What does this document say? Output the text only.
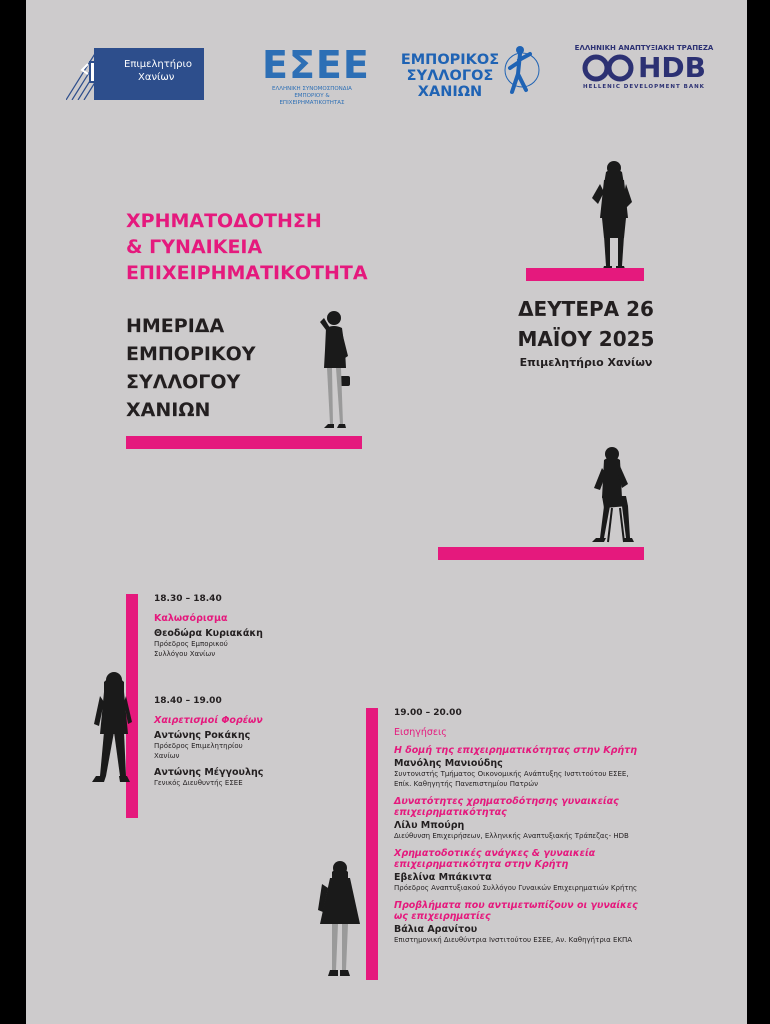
Επιμελητήριο
Χανίων	ΕΣΕΕ
ΕΛΛΗΝΙΚΗ ΣΥΝΟΜΟΣΠΟΝΔΙΑ
ΕΜΠΟΡΙΟΥ & ΕΠΙΧΕΙΡΗΜΑΤΙΚΟΤΗΤΑΣ
ΕΜΠΟΡΙΚΟΣ
ΣΥΛΛΟΓΟΣ
ΧΑΝΙΩΝ
ΕΛΛΗΝΙΚΗ ΑΝΑΠΤΥΞΙΑΚΗ ΤΡΑΠΕΖΑ
HDB
HELLENIC DEVELOPMENT BANK
ΧΡΗΜΑΤΟΔΟΤΗΣΗ
& ΓΥΝΑΙΚΕΙΑ
ΕΠΙΧΕΙΡΗΜΑΤΙΚΟΤΗΤΑ
ΗΜΕΡΙΔΑ
ΕΜΠΟΡΙΚΟΥ
ΣΥΛΛΟΓΟΥ
ΧΑΝΙΩΝ
ΔΕΥΤΕΡΑ 26
ΜΑΪΟΥ 2025
Επιμελητήριο Χανίων
18.30 – 18.40
Καλωσόρισμα
Θεοδώρα Κυριακάκη
Πρόεδρος Εμπορικού
Συλλόγου Χανίων
18.40 – 19.00
Χαιρετισμοί Φορέων
Αντώνης Ροκάκης
Πρόεδρος Επιμελητηρίου
Χανίων
Αντώνης Μέγγουλης
Γενικός Διευθυντής ΕΣΕΕ
19.00 – 20.00
Εισηγήσεις
Η δομή της επιχειρηματικότητας στην Κρήτη
Μανόλης Μανιούδης
Συντονιστής Τμήματος Οικονομικής Ανάπτυξης Ινστιτούτου ΕΣΕΕ,
Επίκ. Καθηγητής Πανεπιστημίου Πατρών
Δυνατότητες χρηματοδότησης γυναικείας
επιχειρηματικότητας
Λίλυ Μπούρη
Διεύθυνση Επιχειρήσεων, Ελληνικής Αναπτυξιακής Τράπεζας- HDB
Χρηματοδοτικές ανάγκες & γυναικεία
επιχειρηματικότητα στην Κρήτη
Εβελίνα Μπάκιντα
Πρόεδρος Αναπτυξιακού Συλλόγου Γυναικών Επιχειρηματιών Κρήτης
Προβλήματα που αντιμετωπίζουν οι γυναίκες
ως επιχειρηματίες
Βάλια Αρανίτου
Επιστημονική Διευθύντρια Ινστιτούτου ΕΣΕΕ, Αν. Καθηγήτρια ΕΚΠΑ
